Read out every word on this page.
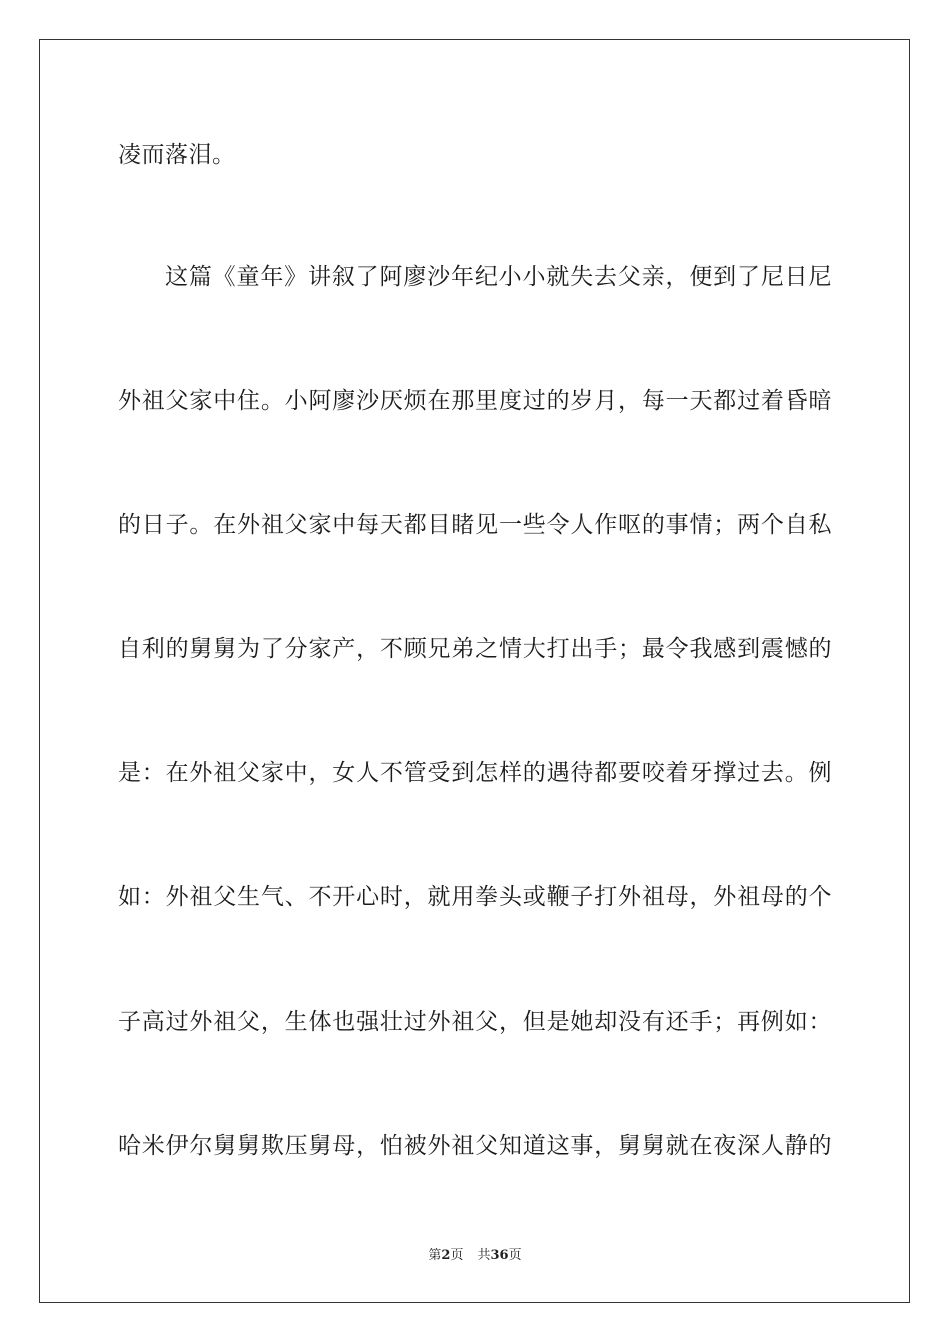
凌而落泪。
这篇《童年》讲叙了阿廖沙年纪小小就失去父亲，便到了尼日尼
外祖父家中住。小阿廖沙厌烦在那里度过的岁月，每一天都过着昏暗
的日子。在外祖父家中每天都目睹见一些令人作呕的事情；两个自私
自利的舅舅为了分家产，不顾兄弟之情大打出手；最令我感到震憾的
是：在外祖父家中，女人不管受到怎样的遇待都要咬着牙撑过去。例
如：外祖父生气、不开心时，就用拳头或鞭子打外祖母，外祖母的个
子高过外祖父，生体也强壮过外祖父，但是她却没有还手；再例如：
哈米伊尔舅舅欺压舅母，怕被外祖父知道这事，舅舅就在夜深人静的
第2页 共36页
